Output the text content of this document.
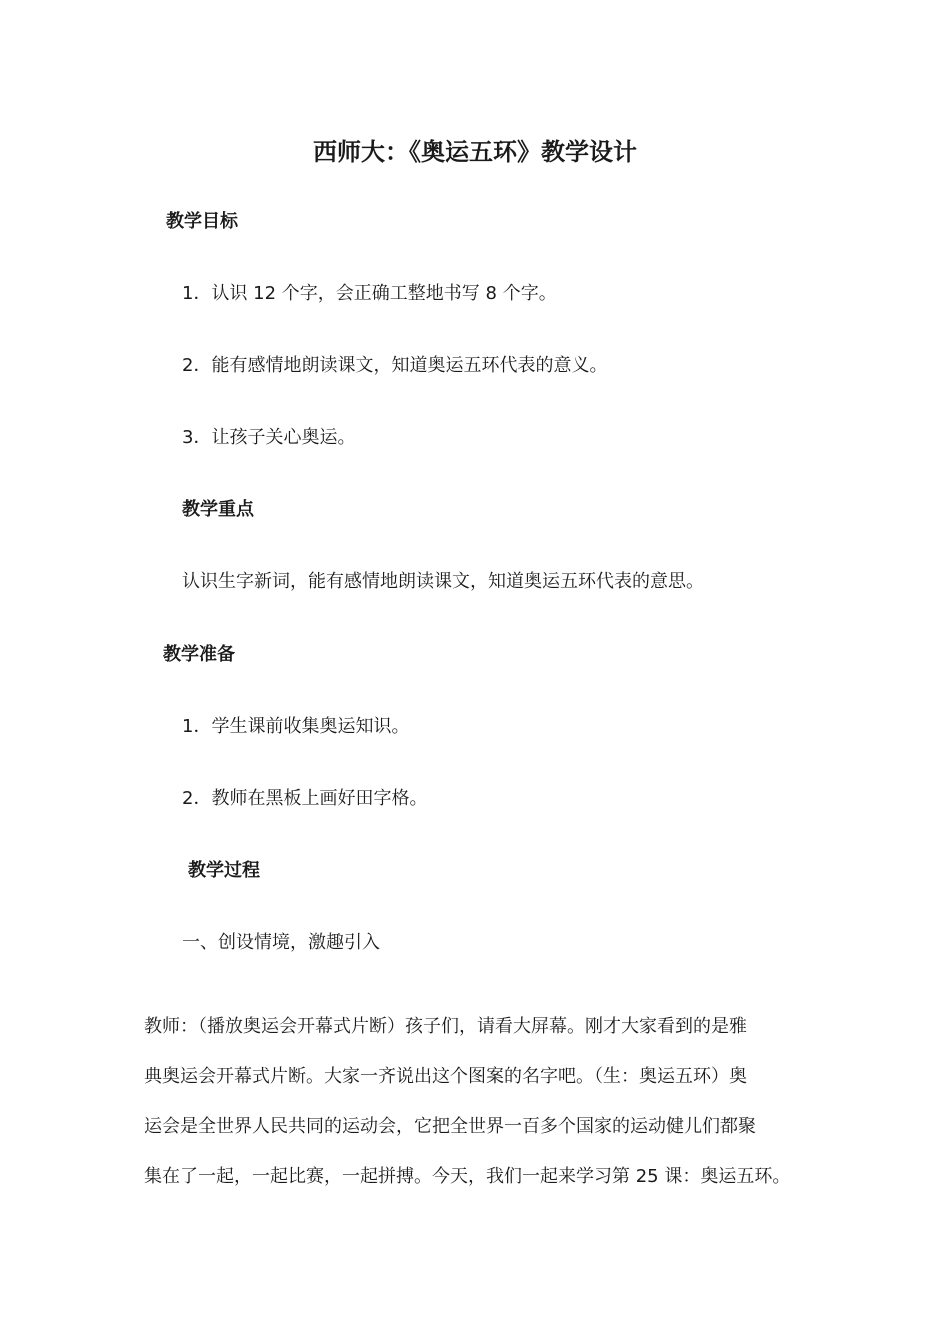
西师大：《奥运五环》教学设计
教学目标
1．认识 12 个字，会正确工整地书写 8 个字。
2．能有感情地朗读课文，知道奥运五环代表的意义。
3．让孩子关心奥运。
教学重点
认识生字新词，能有感情地朗读课文，知道奥运五环代表的意思。
教学准备
1．学生课前收集奥运知识。
2．教师在黑板上画好田字格。
教学过程
一、创设情境，激趣引入
教师：（播放奥运会开幕式片断）孩子们，请看大屏幕。刚才大家看到的是雅
典奥运会开幕式片断。大家一齐说出这个图案的名字吧。（生：奥运五环）奥
运会是全世界人民共同的运动会，它把全世界一百多个国家的运动健儿们都聚
集在了一起，一起比赛，一起拼搏。今天，我们一起来学习第 25 课：奥运五环。
